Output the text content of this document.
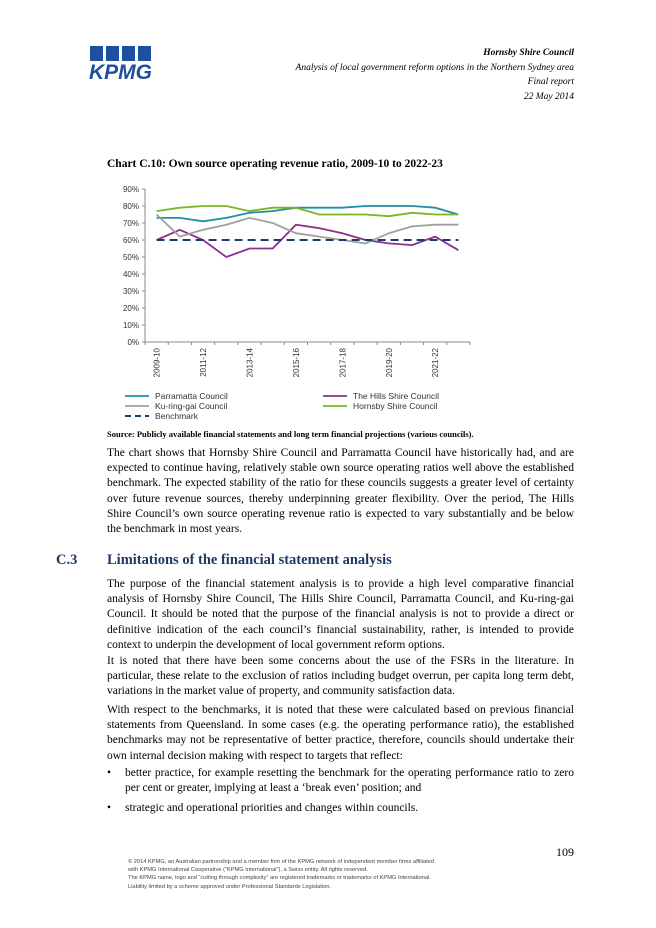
KPMG
Hornsby Shire Council
Analysis of local government reform options in the Northern Sydney area
Final report
22 May 2014
Chart C.10: Own source operating revenue ratio, 2009-10 to 2022-23
0%
10%
20%
30%
40%
50%
60%
70%
80%
90%
2009-10	2011-12	2013-14	2015-16	2017-18	2019-20	2021-22
Parramatta Council	The Hills Shire Council
Ku-ring-gai Council	Hornsby Shire Council
Benchmark
Source: Publicly available financial statements and long term financial projections (various councils).

The chart shows that Hornsby Shire Council and Parramatta Council have historically had, and are expected to continue having, relatively stable own source operating ratios well above the established benchmark. The expected stability of the ratio for these councils suggests a greater level of certainty over future revenue sources, thereby underpinning greater flexibility. Over the period, The Hills Shire Council’s own source operating revenue ratio is expected to vary substantially and be below the benchmark in most years.

C.3 Limitations of the financial statement analysis

The purpose of the financial statement analysis is to provide a high level comparative financial analysis of Hornsby Shire Council, The Hills Shire Council, Parramatta Council, and Ku-ring-gai Council. It should be noted that the purpose of the financial analysis is not to provide a direct or definitive indication of the each council’s financial sustainability, rather, is intended to provide context to underpin the development of local government reform options.

It is noted that there have been some concerns about the use of the FSRs in the literature. In particular, these relate to the exclusion of ratios including budget overrun, per capita long term debt, variations in the market value of property, and community satisfaction data.

With respect to the benchmarks, it is noted that these were calculated based on previous financial statements from Queensland. In some cases (e.g. the operating performance ratio), the established benchmarks may not be representative of better practice, therefore, councils should undertake their own internal decision making with respect to targets that reflect:

• better practice, for example resetting the benchmark for the operating performance ratio to zero per cent or greater, implying at least a ‘break even’ position; and
• strategic and operational priorities and changes within councils.
109
© 2014 KPMG, an Australian partnership and a member firm of the KPMG network of independent member firms affiliated
with KPMG International Cooperative (“KPMG International”), a Swiss entity. All rights reserved.
The KPMG name, logo and “cutting through complexity” are registered trademarks or trademarks of KPMG International.
Liability limited by a scheme approved under Professional Standards Legislation.
